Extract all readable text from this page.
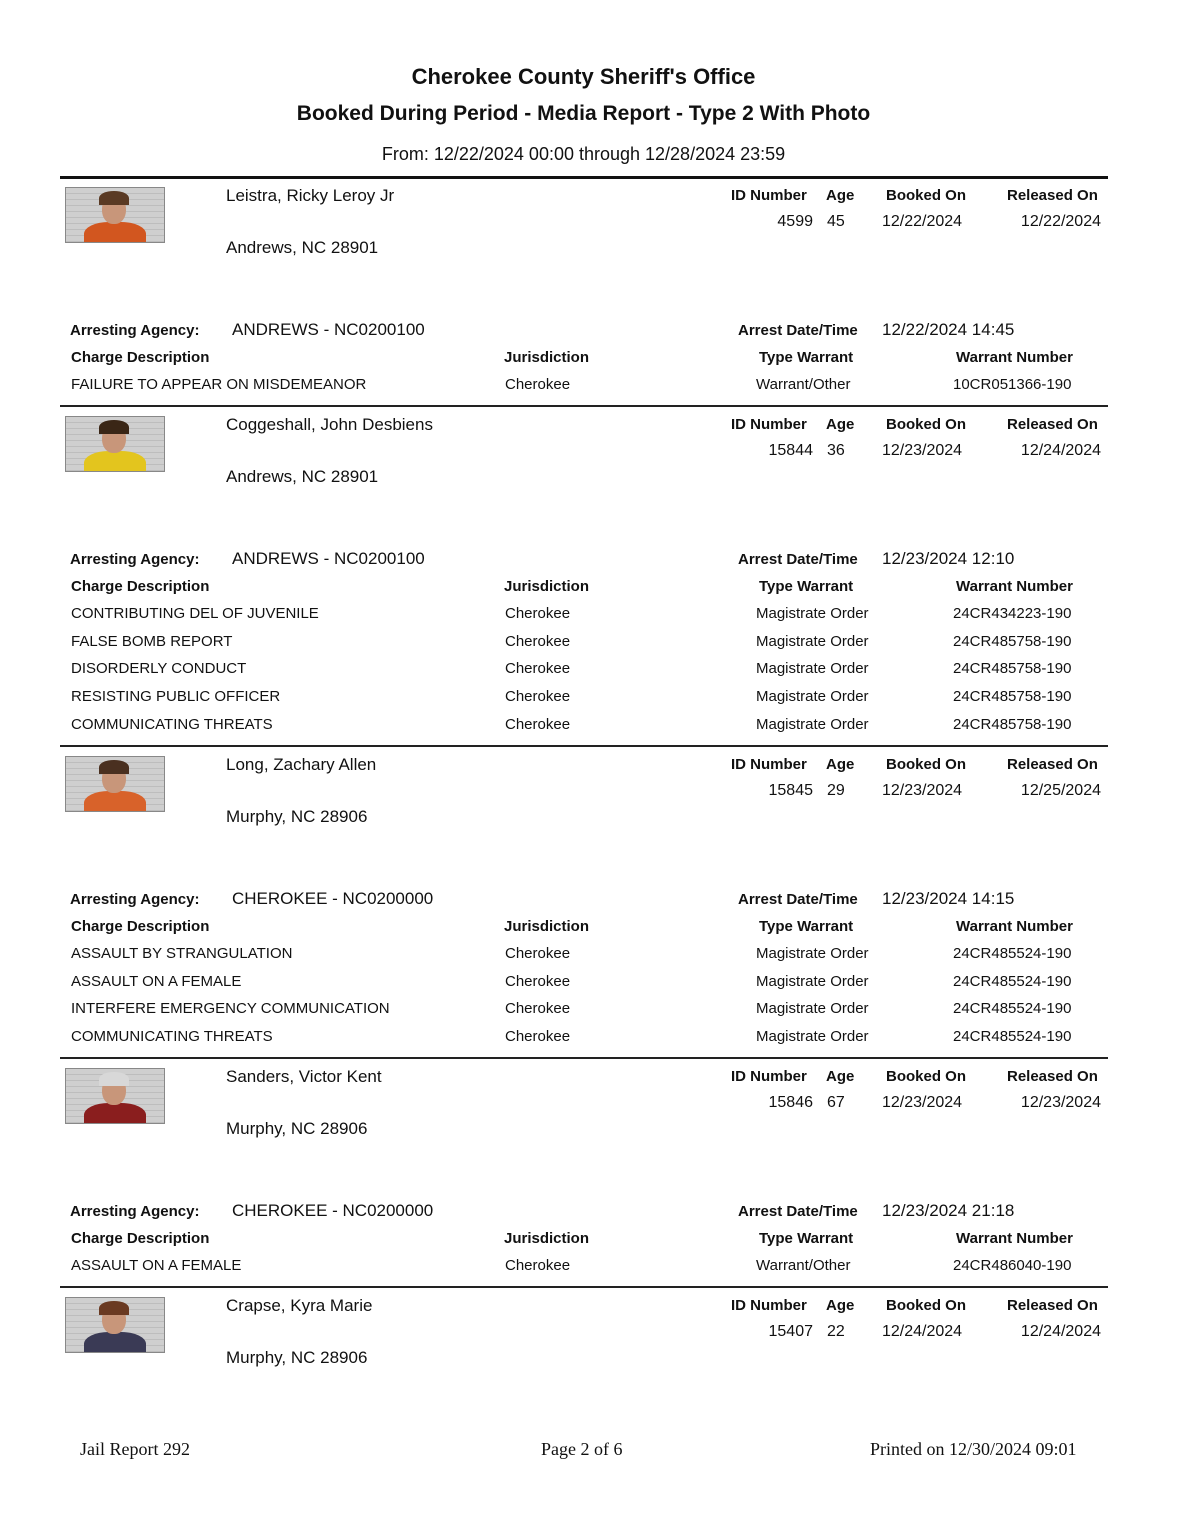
Cherokee County Sheriff's Office
Booked During Period - Media Report - Type 2 With Photo
From: 12/22/2024 00:00 through 12/28/2024 23:59
Leistra, Ricky Leroy Jr
Andrews, NC 28901
ID Number Age Booked On	Released On
4599 45 12/22/2024	12/22/2024
Arresting Agency: ANDREWS - NC0200100	Arrest Date/Time 12/22/2024 14:45
Charge Description	Jurisdiction	Type Warrant	Warrant Number
FAILURE TO APPEAR ON MISDEMEANOR	Cherokee	Warrant/Other	10CR051366-190
Coggeshall, John Desbiens
Andrews, NC 28901
ID Number Age Booked On	Released On
15844 36 12/23/2024	12/24/2024
Arresting Agency: ANDREWS - NC0200100	Arrest Date/Time 12/23/2024 12:10
Charge Description	Jurisdiction	Type Warrant	Warrant Number
CONTRIBUTING DEL OF JUVENILE	Cherokee	Magistrate Order	24CR434223-190
FALSE BOMB REPORT	Cherokee	Magistrate Order	24CR485758-190
DISORDERLY CONDUCT	Cherokee	Magistrate Order	24CR485758-190
RESISTING PUBLIC OFFICER	Cherokee	Magistrate Order	24CR485758-190
COMMUNICATING THREATS	Cherokee	Magistrate Order	24CR485758-190
Long, Zachary Allen
Murphy, NC 28906
ID Number Age Booked On	Released On
15845 29 12/23/2024	12/25/2024
Arresting Agency: CHEROKEE - NC0200000	Arrest Date/Time 12/23/2024 14:15
Charge Description	Jurisdiction	Type Warrant	Warrant Number
ASSAULT BY STRANGULATION	Cherokee	Magistrate Order	24CR485524-190
ASSAULT ON A FEMALE	Cherokee	Magistrate Order	24CR485524-190
INTERFERE EMERGENCY COMMUNICATION	Cherokee	Magistrate Order	24CR485524-190
COMMUNICATING THREATS	Cherokee	Magistrate Order	24CR485524-190
Sanders, Victor Kent
Murphy, NC 28906
ID Number Age Booked On	Released On
15846 67 12/23/2024	12/23/2024
Arresting Agency: CHEROKEE - NC0200000	Arrest Date/Time 12/23/2024 21:18
Charge Description	Jurisdiction	Type Warrant	Warrant Number
ASSAULT ON A FEMALE	Cherokee	Warrant/Other	24CR486040-190
Crapse, Kyra Marie
Murphy, NC 28906
ID Number Age Booked On	Released On
15407 22 12/24/2024	12/24/2024
Jail Report 292	Page 2 of 6	Printed on 12/30/2024 09:01
